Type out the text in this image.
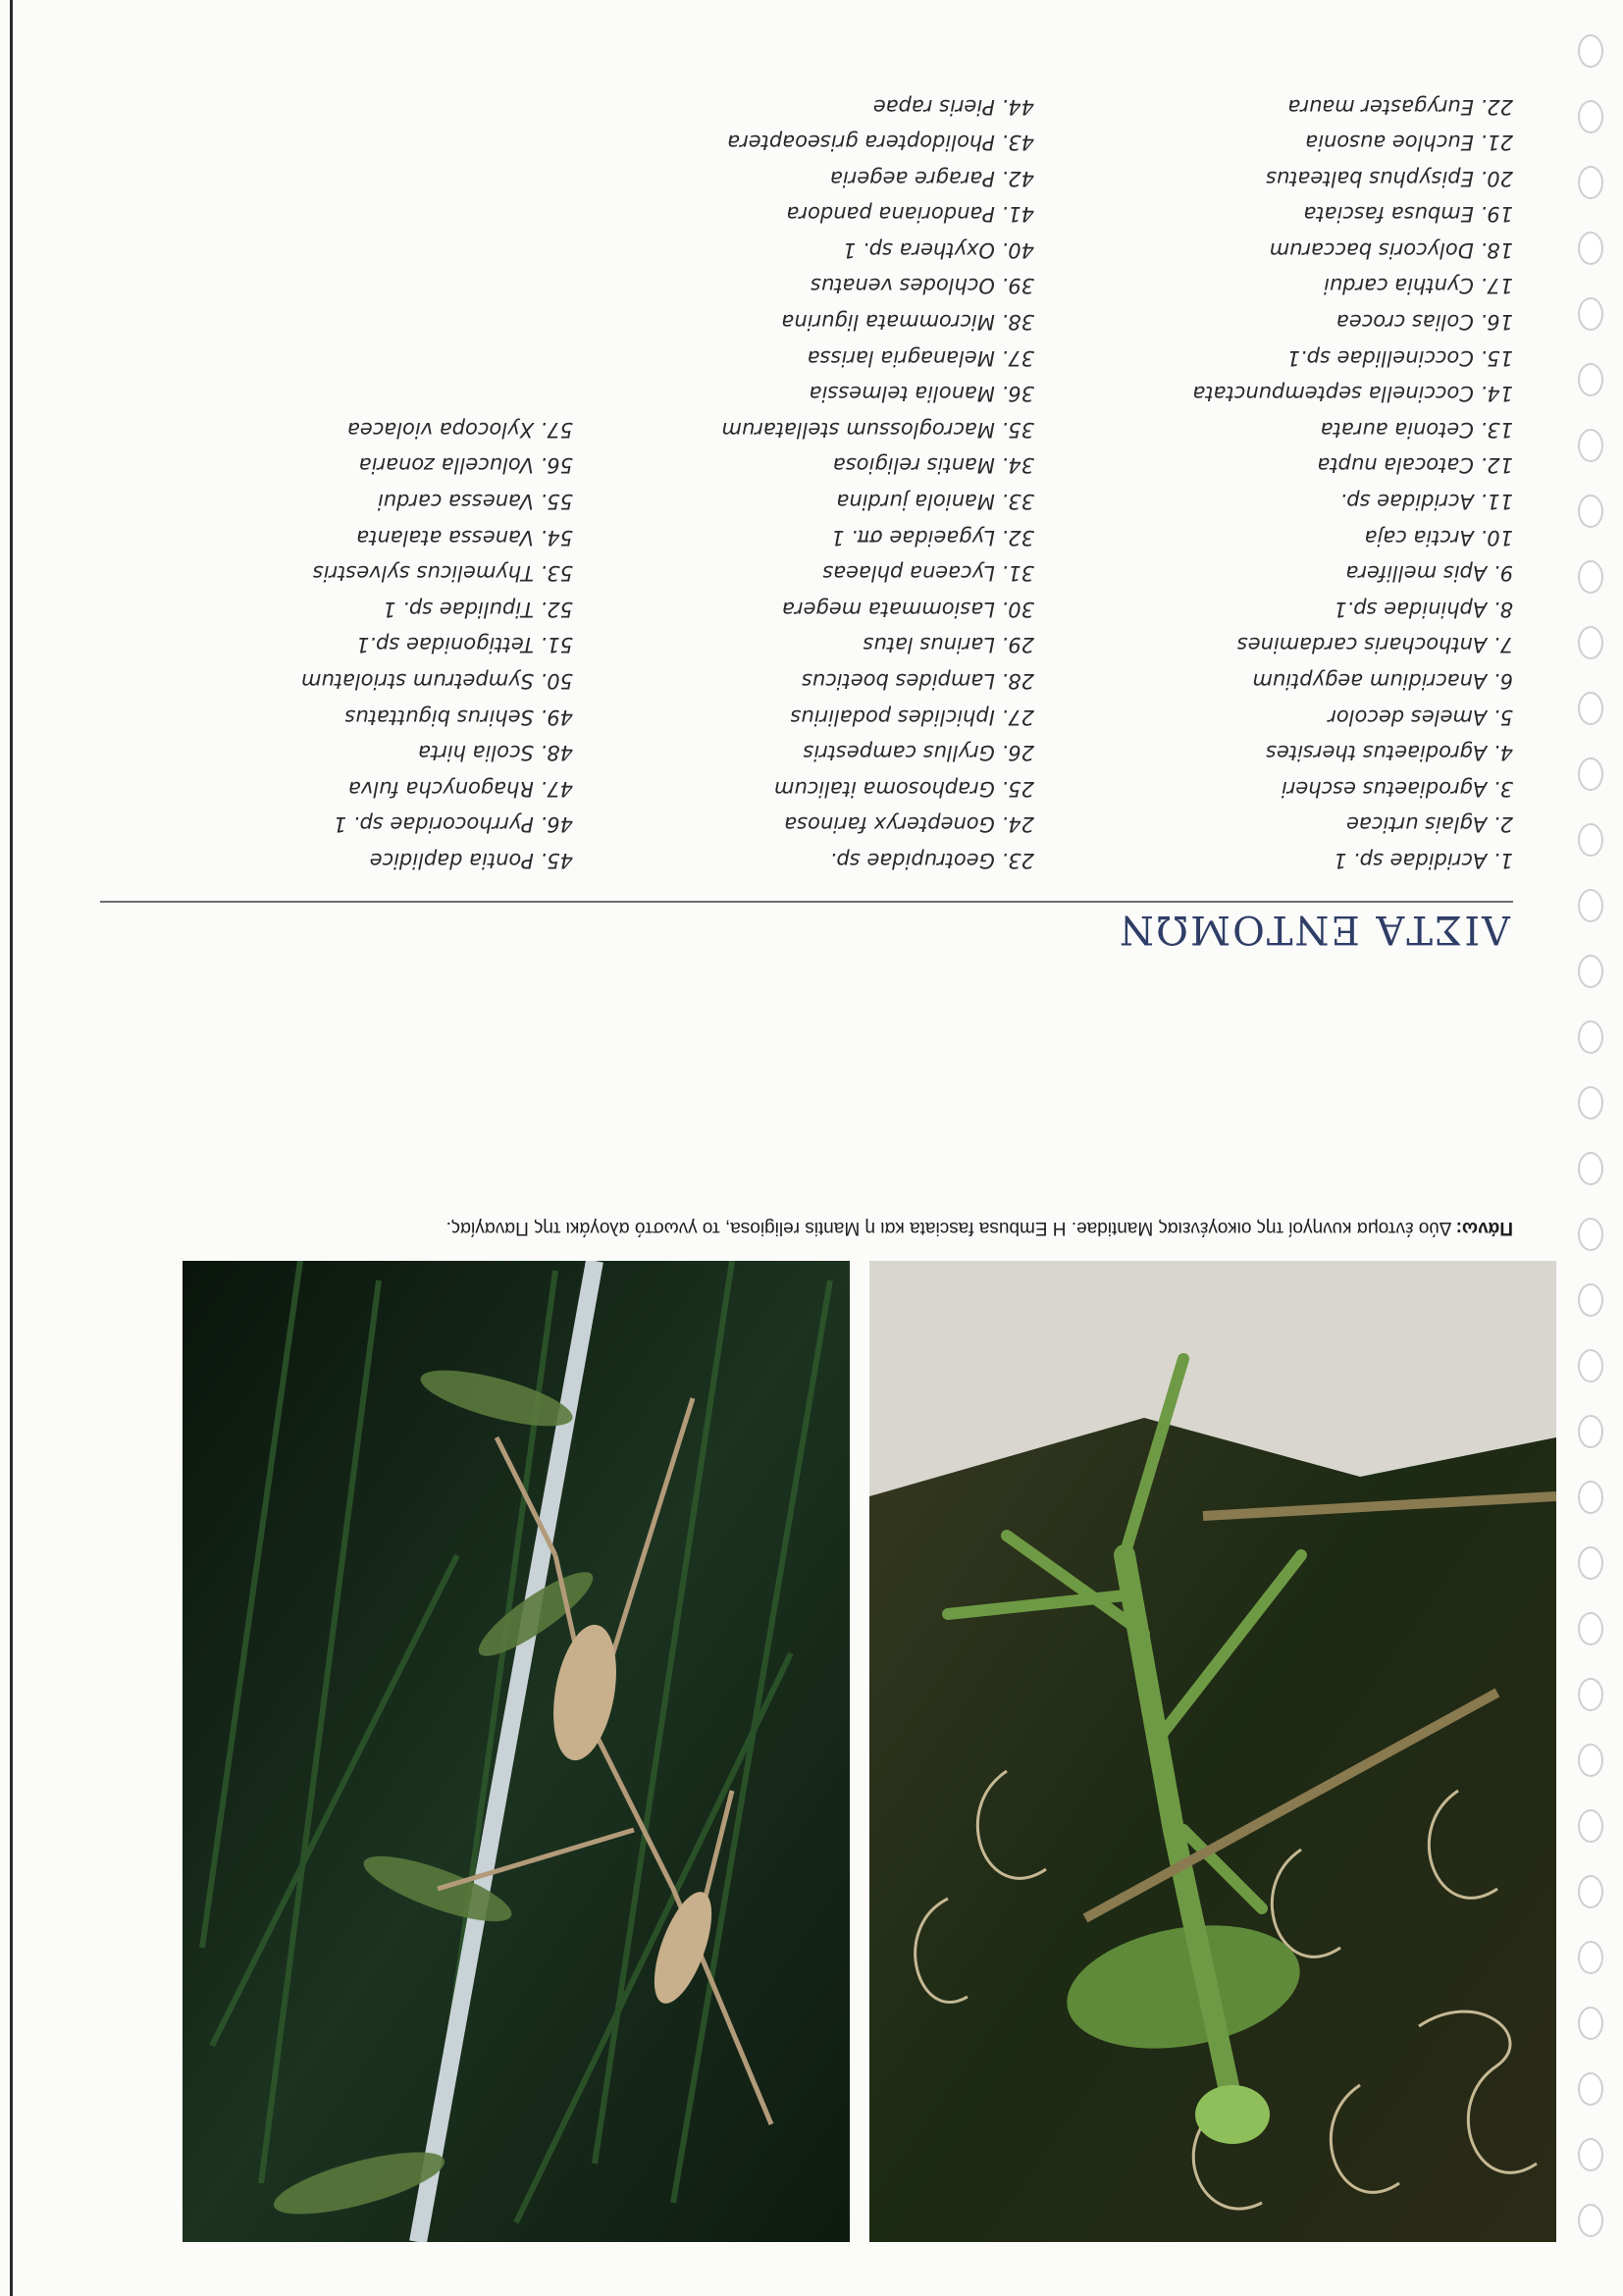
ΛΙΣΤΑ ΕΝΤΟΜΩΝ
1. Acrididae sp. 1
2. Aglais urticae
3. Agrodiaetus escheri
4. Agrodiaetus thersites
5. Ameles decolor
6. Anacridium aegyptium
7. Anthocharis cardamines
8. Aphinidae sp.1
9. Apis mellifera
10. Arctia caja
11. Acrididae sp.
12. Catocala nupta
13. Cetonia aurata
14. Coccinella septempunctata
15. Coccinellidae sp.1
16. Colias crocea
17. Cynthia cardui
18. Dolycoris baccarum
19. Embusa fasciata
20. Episyphus balteatus
21. Euchloe ausonia
22. Eurygaster maura
23. Geotrupidae sp.
24. Gonepteryx farinosa
25. Graphosoma italicum
26. Gryllus campestris
27. Iphiclides podalirius
28. Lampides boeticus
29. Larinus latus
30. Lasiommata megera
31. Lycaena phlaeas
32. Lygaeidae σπ. 1
33. Maniola jurdina
34. Mantis religiosa
35. Macroglossum stellatarum
36. Manolia telmessia
37. Melanagria larissa
38. Micrommata ligurina
39. Ochlodes venatus
40. Oxythera sp. 1
41. Pandoriana pandora
42. Paragre aegeria
43. Pholidoptera griseoaptera
44. Pieris rapae
45. Pontia daplidice
46. Pyrrhocoridae sp. 1
47. Rhagonycha fulva
48. Scolia hirta
49. Sehirus biguttatus
50. Sympetrum striolatum
51. Tettigonidae sp.1
52. Tipulidae sp. 1
53. Thymelicus sylvestris
54. Vanessa atalanta
55. Vanessa cardui
56. Volucella zonaria
57. Xylocopa violacea
Πάνω: Δύο έντομα κυνηγοί της οικογένειας Mantidae. Η Embusa fasciata και η Mantis religiosa, το γνωστό αλογάκι της Παναγίας.
